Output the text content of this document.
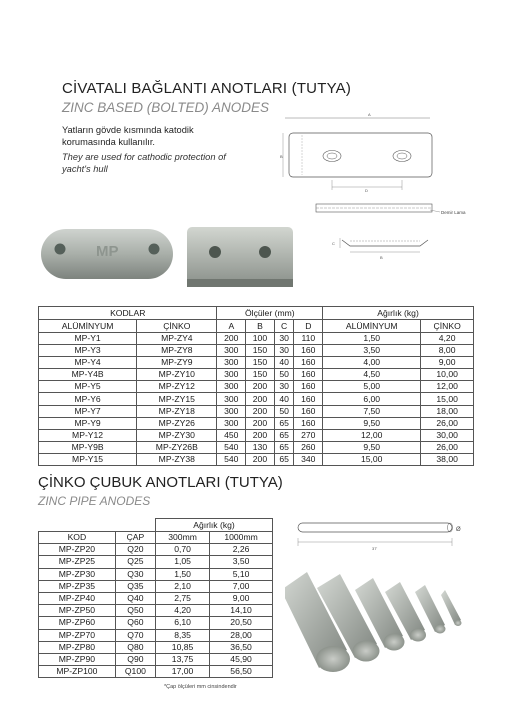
CİVATALI BAĞLANTI ANOTLARI (TUTYA)
ZINC BASED (BOLTED) ANODES
Yatların gövde kısmında katodik
korumasında kullanılır.
They are used for cathodic protection of
yacht's hull
A
B
D
Demir Lama
C
B
MP
KODLAR		Ölçüler (mm)				Ağırlık (kg)	
ALÜMİNYUM	ÇİNKO	A	B	C	D	ALÜMİNYUM	ÇİNKO
MP-Y1	MP-ZY4	200	100	30	110	1,50	4,20
MP-Y3	MP-ZY8	300	150	30	160	3,50	8,00
MP-Y4	MP-ZY9	300	150	40	160	4,00	9,00
MP-Y4B	MP-ZY10	300	150	50	160	4,50	10,00
MP-Y5	MP-ZY12	300	200	30	160	5,00	12,00
MP-Y6	MP-ZY15	300	200	40	160	6,00	15,00
MP-Y7	MP-ZY18	300	200	50	160	7,50	18,00
MP-Y9	MP-ZY26	300	200	65	160	9,50	26,00
MP-Y12	MP-ZY30	450	200	65	270	12,00	30,00
MP-Y9B	MP-ZY26B	540	130	65	260	9,50	26,00
MP-Y15	MP-ZY38	540	200	65	340	15,00	38,00
ÇİNKO ÇUBUK ANOTLARI (TUTYA)
ZINC PIPE ANODES
		Ağırlık (kg)	
KOD	ÇAP	300mm	1000mm
MP-ZP20	Q20	0,70	2,26
MP-ZP25	Q25	1,05	3,50
MP-ZP30	Q30	1,50	5,10
MP-ZP35	Q35	2,10	7,00
MP-ZP40	Q40	2,75	9,00
MP-ZP50	Q50	4,20	14,10
MP-ZP60	Q60	6,10	20,50
MP-ZP70	Q70	8,35	28,00
MP-ZP80	Q80	10,85	36,50
MP-ZP90	Q90	13,75	45,90
MP-ZP100	Q100	17,00	56,50
*Çap ölçüleri mm cinsindendir
Ø
37'
